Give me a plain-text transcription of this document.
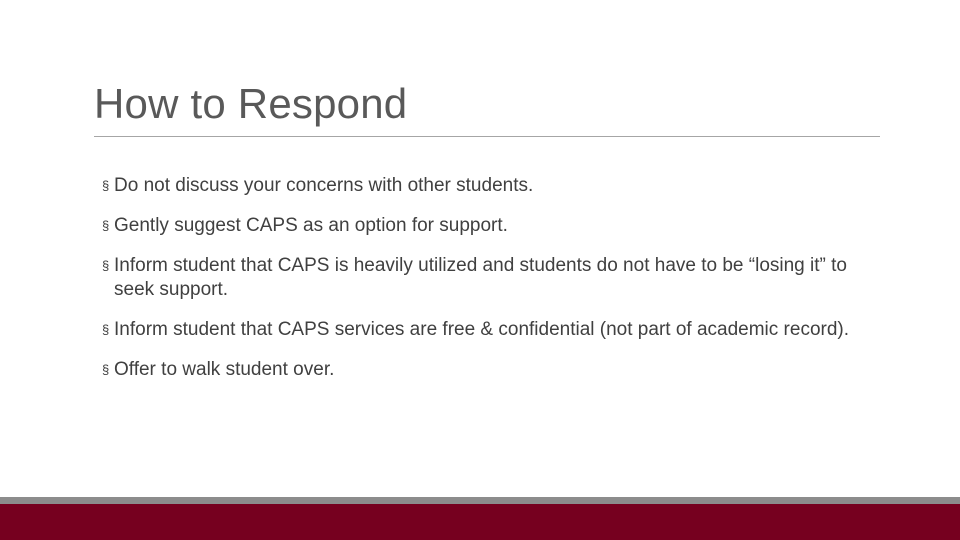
How to Respond
§ Do not discuss your concerns with other students.
§ Gently suggest CAPS as an option for support.
§ Inform student that CAPS is heavily utilized and students do not have to be “losing it” to seek support.
§ Inform student that CAPS services are free & confidential (not part of academic record).
§ Offer to walk student over.
